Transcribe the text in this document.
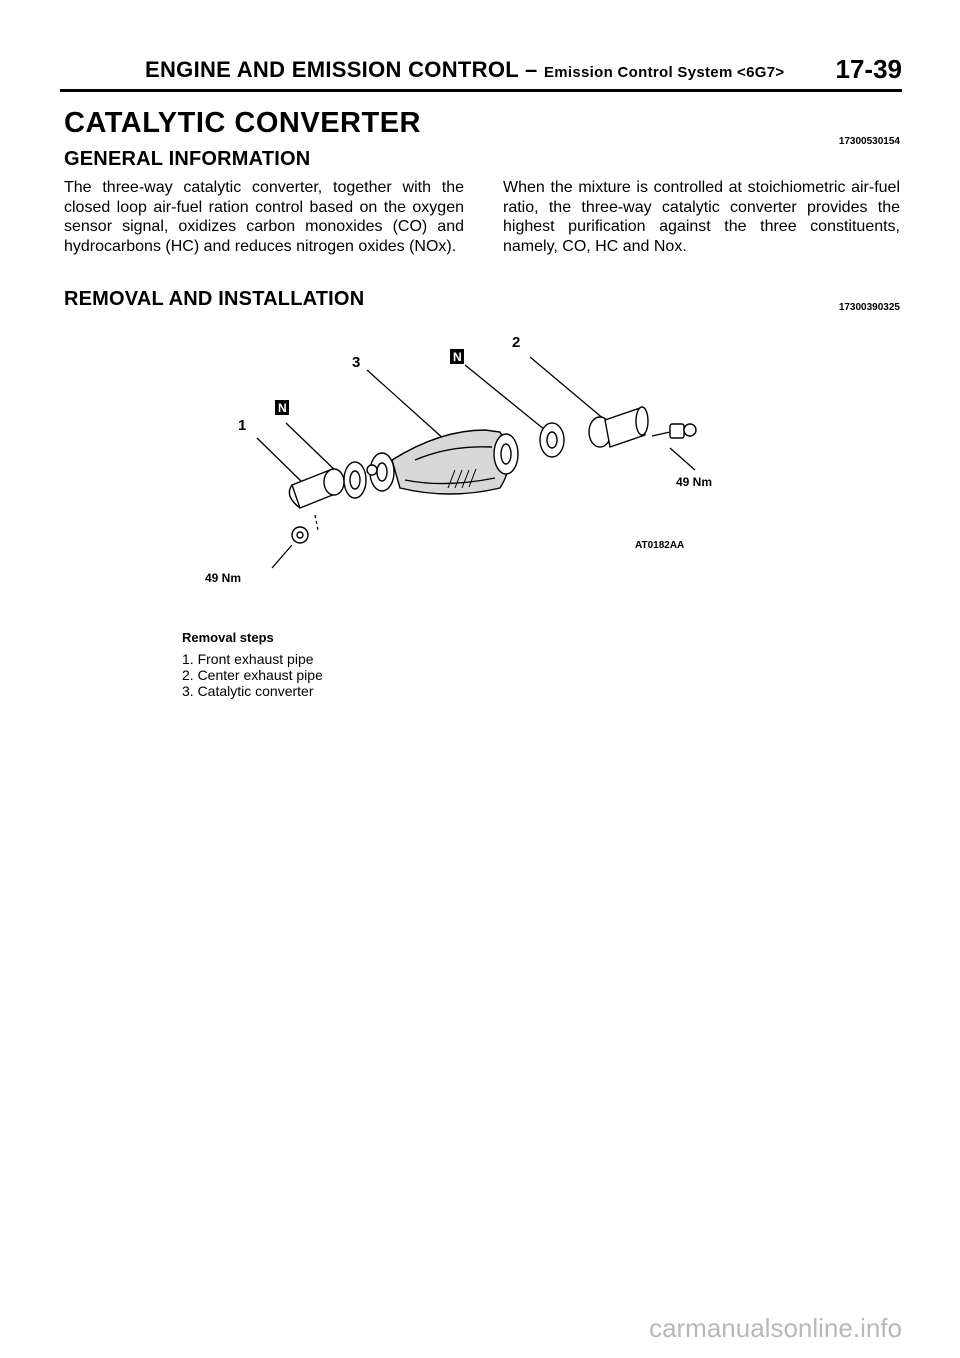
ENGINE AND EMISSION CONTROL – Emission Control System <6G7> 17-39
CATALYTIC CONVERTER
17300530154
GENERAL INFORMATION
The three-way catalytic converter, together with the closed loop air-fuel ration control based on the oxygen sensor signal, oxidizes carbon monoxides (CO) and hydrocarbons (HC) and reduces nitrogen oxides (NOx).
When the mixture is controlled at stoichiometric air-fuel ratio, the three-way catalytic converter provides the highest purification against the three constituents, namely, CO, HC and Nox.
REMOVAL AND INSTALLATION	17300390325
1
2
3
N
N
49 Nm
49 Nm
AT0182AA
Removal steps
1. Front exhaust pipe
2. Center exhaust pipe
3. Catalytic converter
carmanualsonline.info
